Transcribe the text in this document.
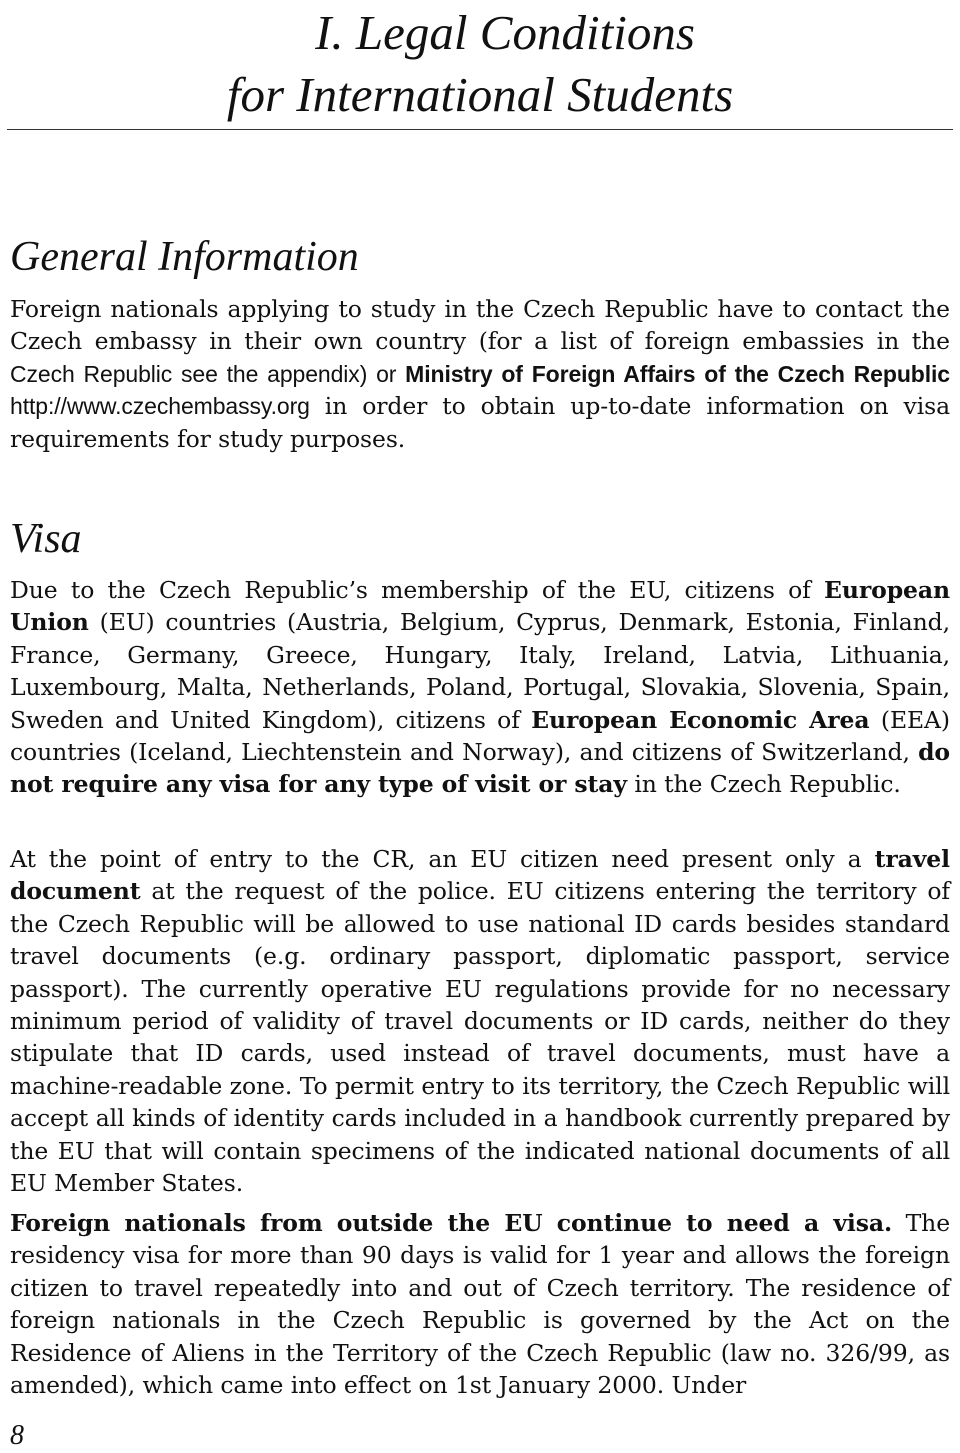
I. Legal Conditions
for International Students
General Information

Foreign nationals applying to study in the Czech Republic have to contact the Czech embassy in their own country (for a list of foreign embassies in the Czech Republic see the appendix) or Ministry of Foreign Affairs of the Czech Republic http://www.czechembassy.org in order to obtain up-to-date information on visa requirements for study purposes.

Visa

Due to the Czech Republic’s membership of the EU, citizens of European Union (EU) countries (Austria, Belgium, Cyprus, Denmark, Estonia, Finland, France, Germany, Greece, Hungary, Italy, Ireland, Latvia, Lithuania, Luxembourg, Malta, Netherlands, Poland, Portugal, Slovakia, Slovenia, Spain, Sweden and United Kingdom), citizens of European Economic Area (EEA) countries (Iceland, Liechtenstein and Norway), and citizens of Switzerland, do not require any visa for any type of visit or stay in the Czech Republic.

At the point of entry to the CR, an EU citizen need present only a travel document at the request of the police. EU citizens entering the territory of the Czech Republic will be allowed to use national ID cards besides standard travel documents (e.g. ordinary passport, diplomatic passport, service passport). The currently operative EU regulations provide for no necessary minimum period of validity of travel documents or ID cards, neither do they stipulate that ID cards, used instead of travel documents, must have a machine-readable zone. To permit entry to its territory, the Czech Republic will accept all kinds of identity cards included in a handbook currently prepared by the EU that will contain specimens of the indicated national documents of all EU Member States.

Foreign nationals from outside the EU continue to need a visa. The residency visa for more than 90 days is valid for 1 year and allows the foreign citizen to travel repeatedly into and out of Czech territory. The residence of foreign nationals in the Czech Republic is governed by the Act on the Residence of Aliens in the Territory of the Czech Republic (law no. 326/99, as amended), which came into effect on 1st January 2000. Under

8
